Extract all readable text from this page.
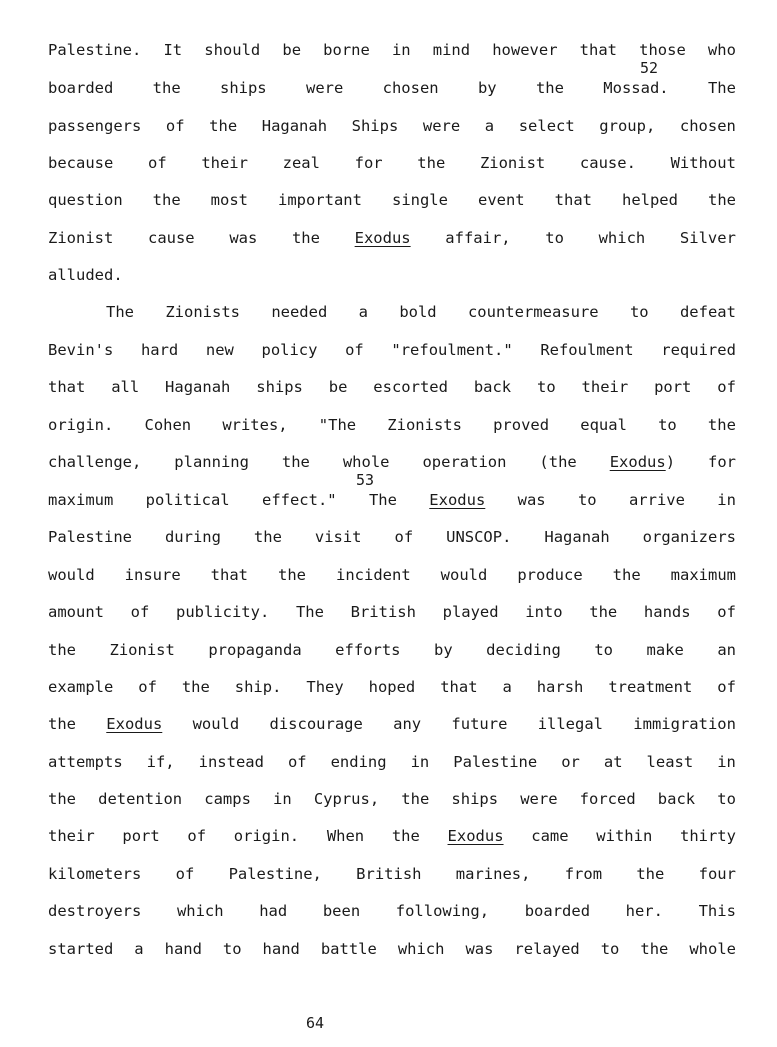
Palestine. It should be borne in mind however that those who
boarded	the	ships	were	chosen	by	the	Mossad.	The
passengers of the Haganah Ships were a select group, chosen
because of their zeal for the Zionist cause. Without
question the most important single event that helped the
Zionist cause was the Exodus affair, to which Silver
alluded.
The Zionists needed a bold countermeasure to defeat
Bevin's hard new policy of "refoulment." Refoulment required
that all Haganah ships be escorted back to their port of
origin. Cohen writes, "The Zionists proved equal to the
challenge, planning the whole operation (the Exodus) for
maximum political effect." The Exodus was to arrive in
Palestine during the visit of UNSCOP. Haganah organizers
would insure that the incident would produce the maximum
amount of publicity. The British played into the hands of
the Zionist propaganda efforts by deciding to make an
example of the ship. They hoped that a harsh treatment of
the Exodus would discourage any future illegal immigration
attempts if, instead of ending in Palestine or at least in
the detention camps in Cyprus, the ships were forced back to
their port of origin. When the Exodus came within thirty
kilometers of Palestine, British marines, from the four
destroyers which had been following, boarded her. This
started a hand to hand battle which was relayed to the whole
52
53
64
